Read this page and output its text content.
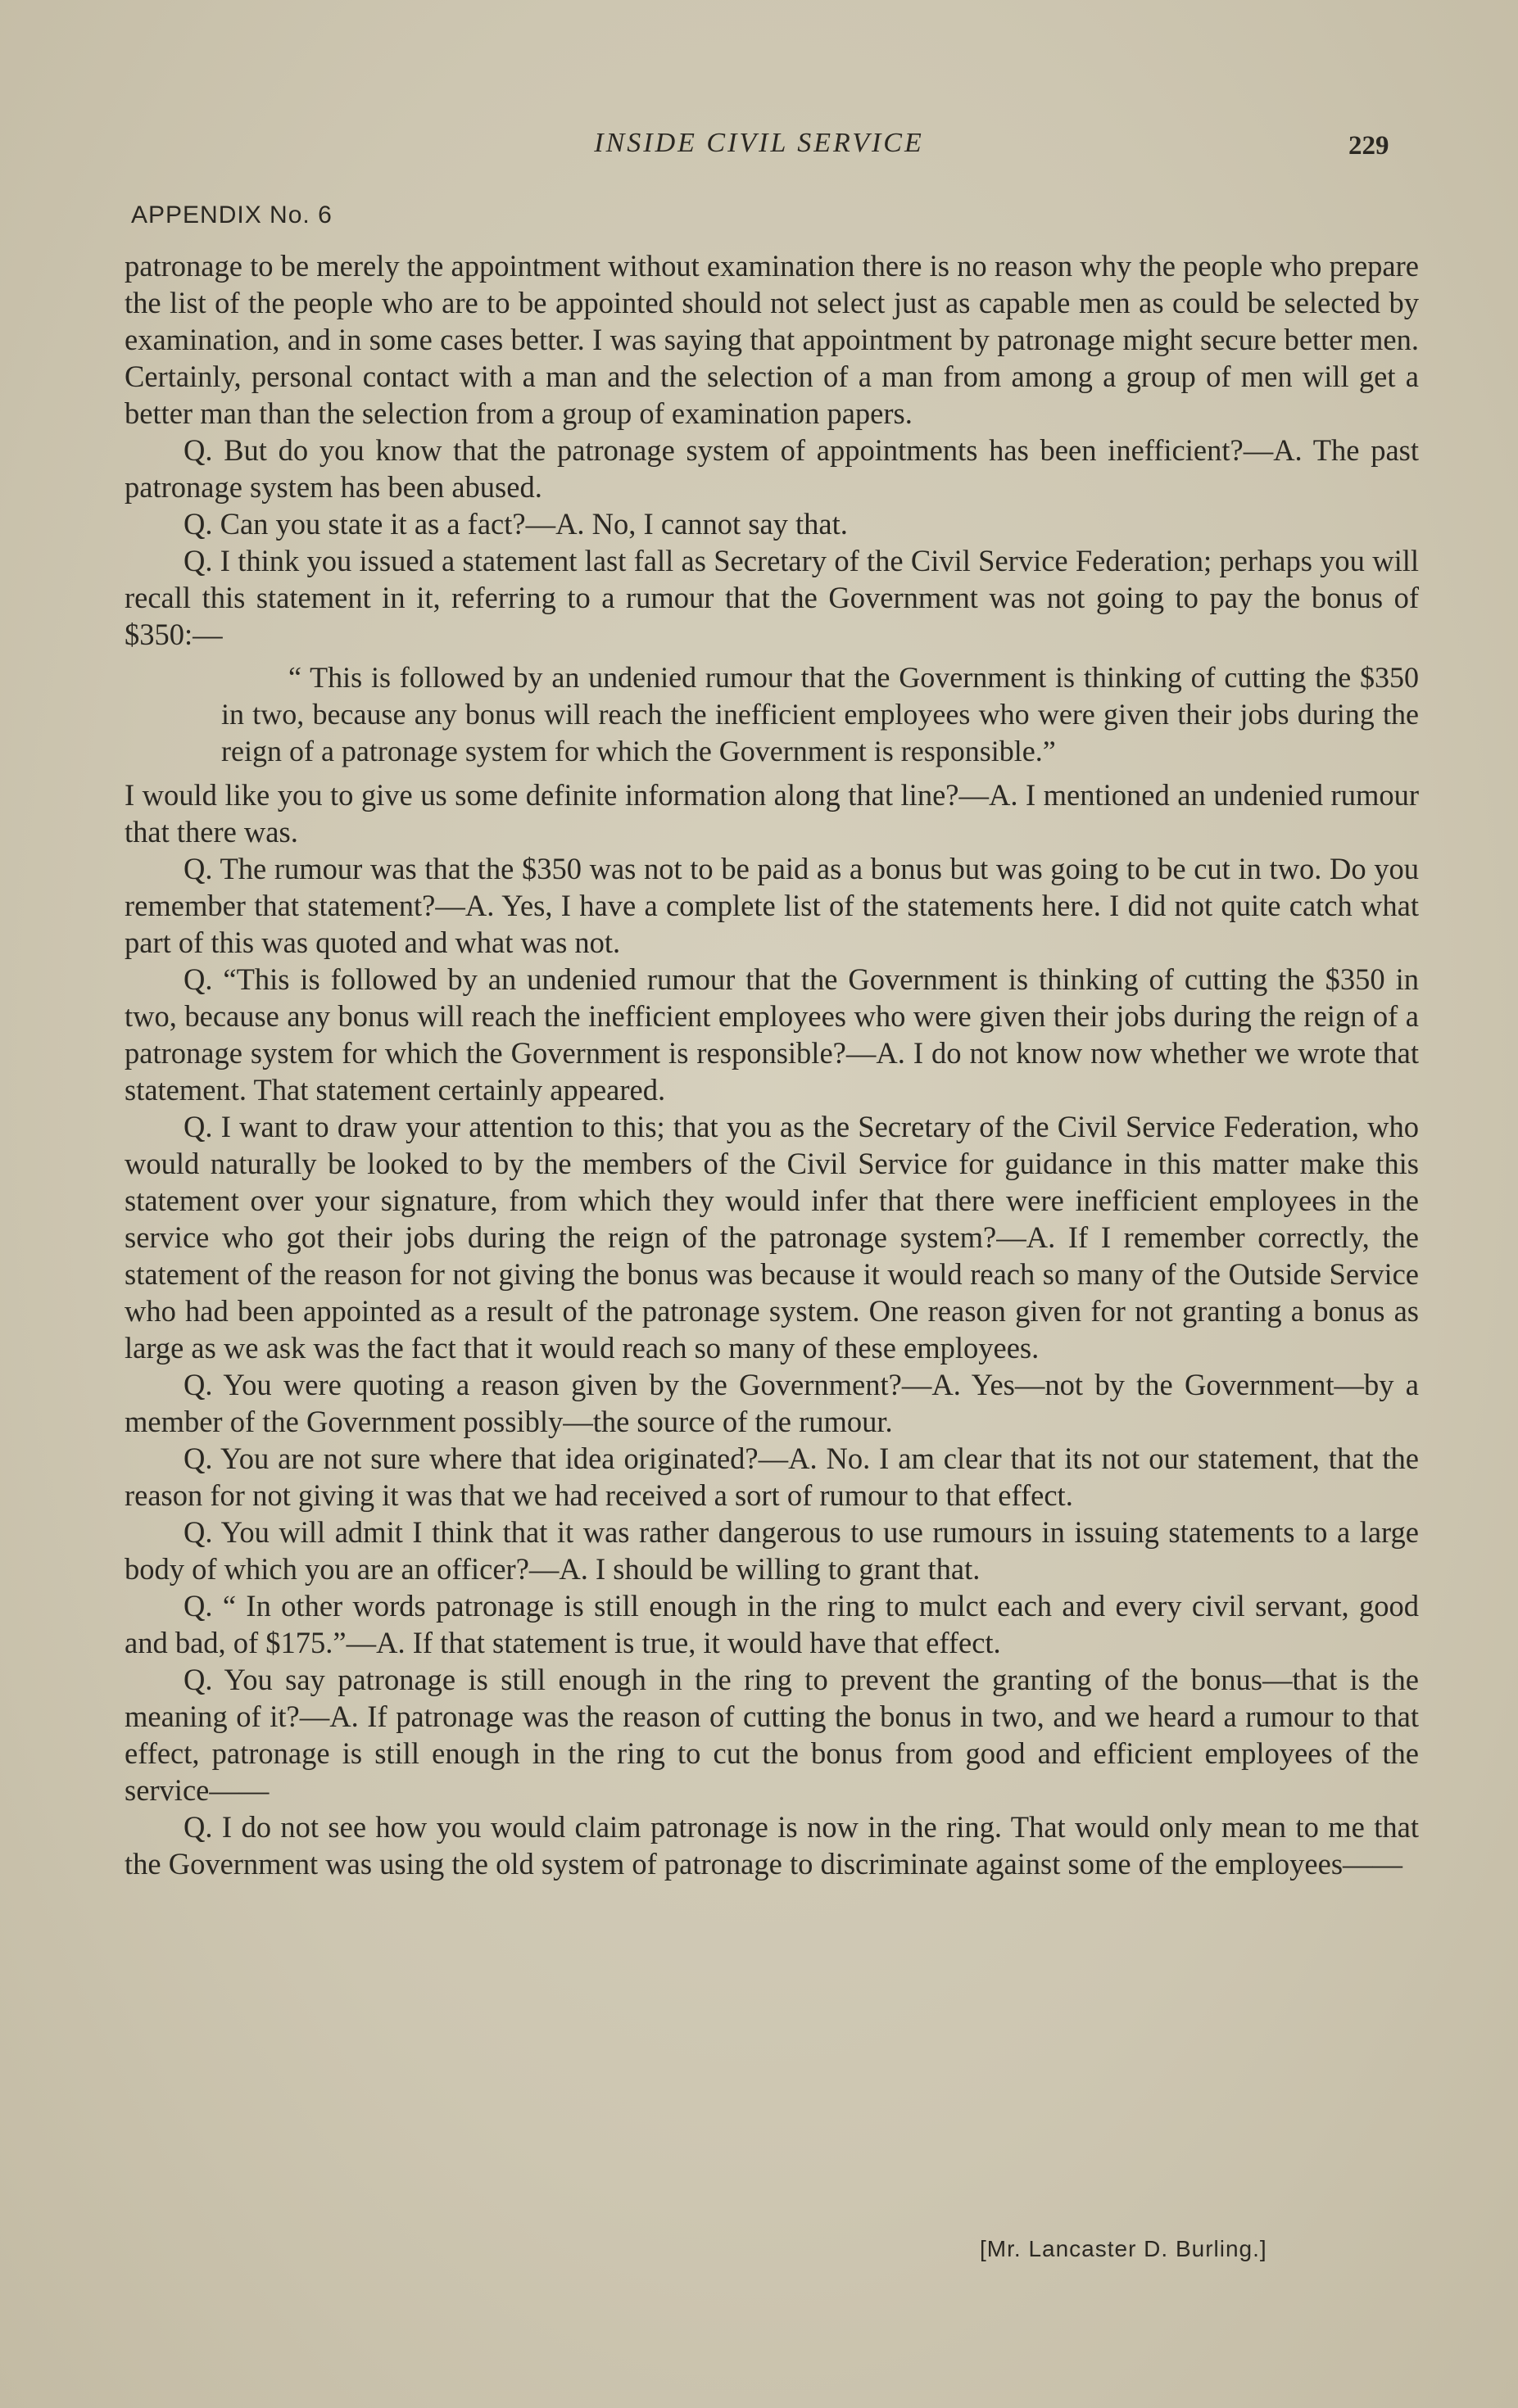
INSIDE CIVIL SERVICE	229
APPENDIX No. 6

patronage to be merely the appointment without examination there is no reason why the people who prepare the list of the people who are to be appointed should not select just as capable men as could be selected by examination, and in some cases better. I was saying that appointment by patronage might secure better men. Certainly, personal contact with a man and the selection of a man from among a group of men will get a better man than the selection from a group of examination papers.

Q. But do you know that the patronage system of appointments has been inefficient?—A. The past patronage system has been abused.

Q. Can you state it as a fact?—A. No, I cannot say that.

Q. I think you issued a statement last fall as Secretary of the Civil Service Federation; perhaps you will recall this statement in it, referring to a rumour that the Government was not going to pay the bonus of $350:—

“ This is followed by an undenied rumour that the Government is thinking of cutting the $350 in two, because any bonus will reach the inefficient employees who were given their jobs during the reign of a patronage system for which the Government is responsible.”

I would like you to give us some definite information along that line?—A. I mentioned an undenied rumour that there was.

Q. The rumour was that the $350 was not to be paid as a bonus but was going to be cut in two. Do you remember that statement?—A. Yes, I have a complete list of the statements here. I did not quite catch what part of this was quoted and what was not.

Q. “This is followed by an undenied rumour that the Government is thinking of cutting the $350 in two, because any bonus will reach the inefficient employees who were given their jobs during the reign of a patronage system for which the Government is responsible?—A. I do not know now whether we wrote that statement. That statement certainly appeared.

Q. I want to draw your attention to this; that you as the Secretary of the Civil Service Federation, who would naturally be looked to by the members of the Civil Service for guidance in this matter make this statement over your signature, from which they would infer that there were inefficient employees in the service who got their jobs during the reign of the patronage system?—A. If I remember correctly, the statement of the reason for not giving the bonus was because it would reach so many of the Outside Service who had been appointed as a result of the patronage system. One reason given for not granting a bonus as large as we ask was the fact that it would reach so many of these employees.

Q. You were quoting a reason given by the Government?—A. Yes—not by the Government—by a member of the Government possibly—the source of the rumour.

Q. You are not sure where that idea originated?—A. No. I am clear that its not our statement, that the reason for not giving it was that we had received a sort of rumour to that effect.

Q. You will admit I think that it was rather dangerous to use rumours in issuing statements to a large body of which you are an officer?—A. I should be willing to grant that.

Q. “ In other words patronage is still enough in the ring to mulct each and every civil servant, good and bad, of $175.”—A. If that statement is true, it would have that effect.

Q. You say patronage is still enough in the ring to prevent the granting of the bonus—that is the meaning of it?—A. If patronage was the reason of cutting the bonus in two, and we heard a rumour to that effect, patronage is still enough in the ring to cut the bonus from good and efficient employees of the service——

Q. I do not see how you would claim patronage is now in the ring. That would only mean to me that the Government was using the old system of patronage to discriminate against some of the employees——

[Mr. Lancaster D. Burling.]
